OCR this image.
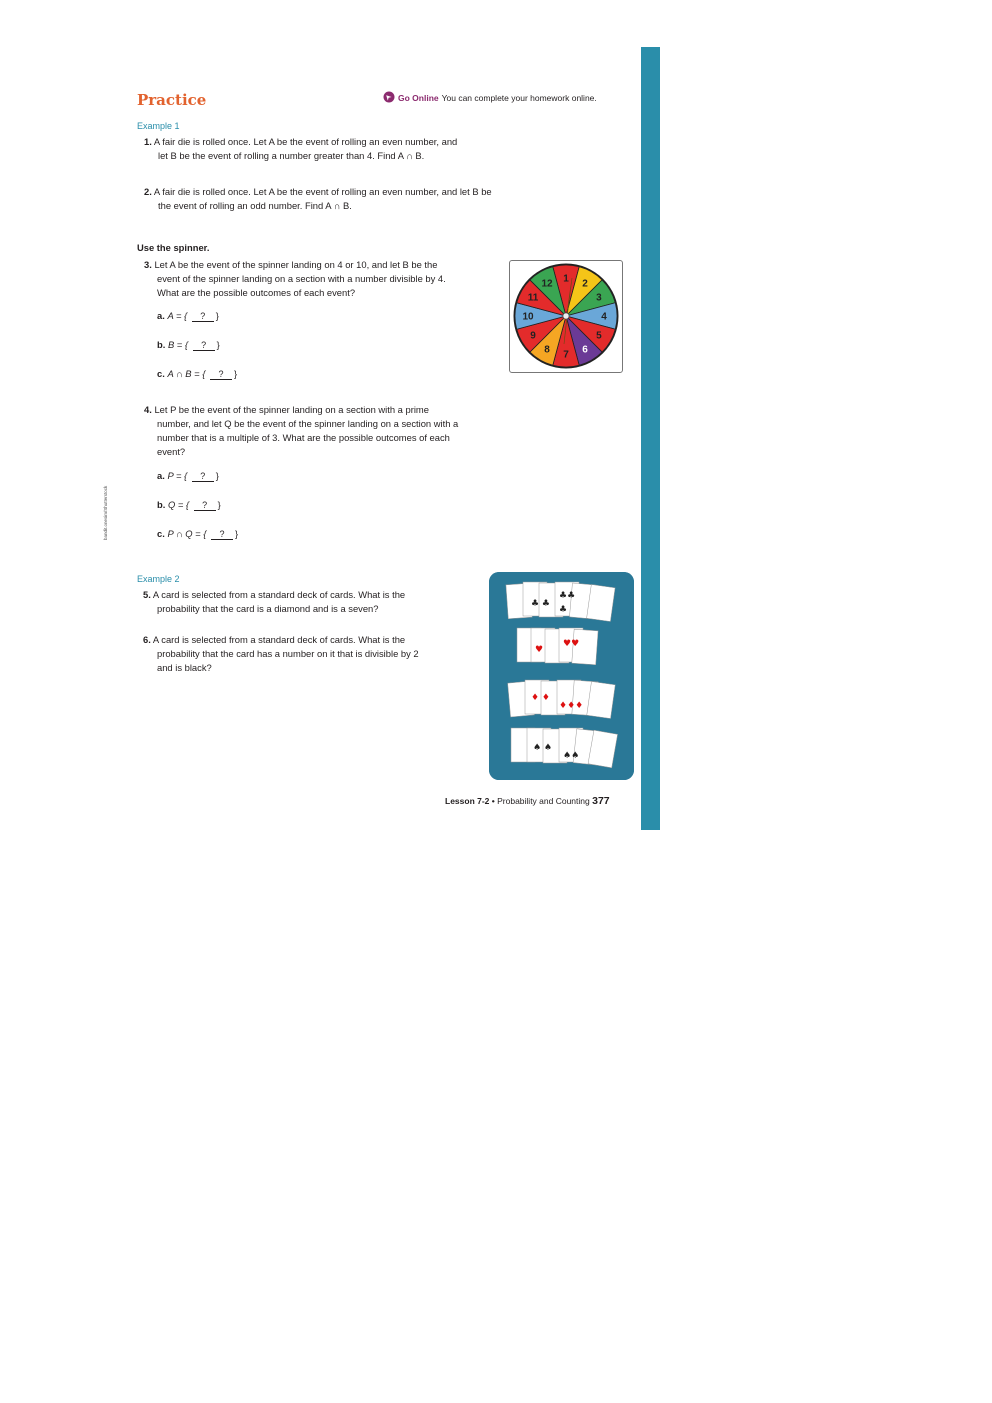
Practice	Go Online You can complete your homework online.
Example 1
1. A fair die is rolled once. Let A be the event of rolling an even number, and
let B be the event of rolling a number greater than 4. Find A ∩ B.
2. A fair die is rolled once. Let A be the event of rolling an even number, and let B be
the event of rolling an odd number. Find A ∩ B.
Use the spinner.
3. Let A be the event of the spinner landing on 4 or 10, and let B be the
event of the spinner landing on a section with a number divisible by 4.
What are the possible outcomes of each event?
a. A = { ? }
b. B = { ? }
c. A ∩ B = { ? }
1 2
3
4
5
6
7
8
9
10
11
12
4. Let P be the event of the spinner landing on a section with a prime
number, and let Q be the event of the spinner landing on a section with a
number that is a multiple of 3. What are the possible outcomes of each
event?
a. P = { ? }
b. Q = { ? }
c. P ∩ Q = { ? }
bandit.onesim/Shutterstock
Example 2
5. A card is selected from a standard deck of cards. What is the
probability that the card is a diamond and is a seven?
6. A card is selected from a standard deck of cards. What is the
probability that the card has a number on it that is divisible by 2
and is black?
♣ ♣
♣♣
♣
♥
♥♥
♦ ♦
♦♦♦
♠ ♠
♠♠
Lesson 7-2 • Probability and Counting 377
